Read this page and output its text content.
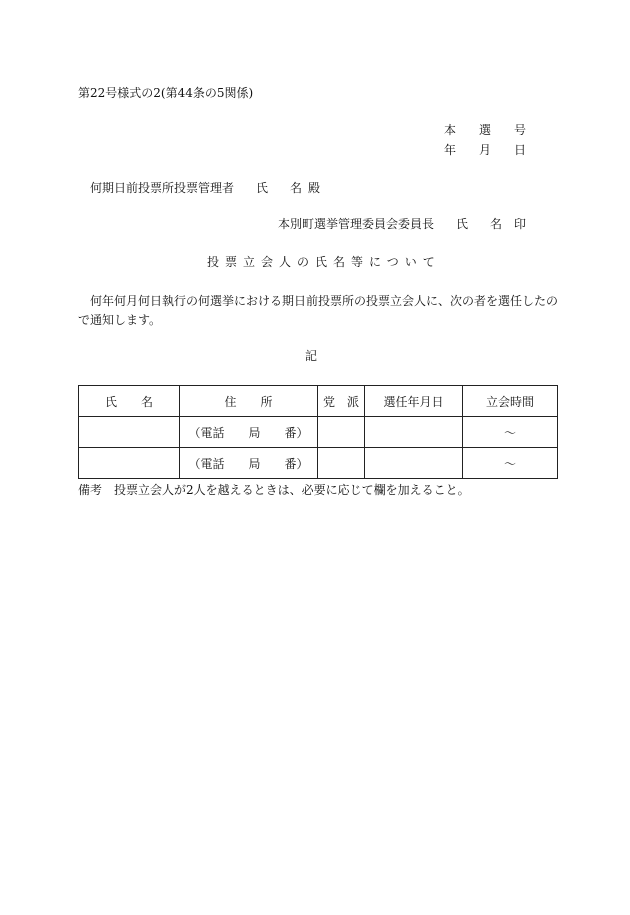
第22号様式の2(第44条の5関係)
本 選 号
年 月 日
何期日前投票所投票管理者 氏 名 殿
本別町選挙管理委員会委員長 氏 名 印
投票立会人の氏名等について
何年何月何日執行の何選挙における期日前投票所の投票立会人に、次の者を選任したので通知します。
記
氏　　名	住　　所	党　派	選任年月日	立会時間
	（電話　　局　　番）			～
	（電話　　局　　番）			～
備考　投票立会人が2人を越えるときは、必要に応じて欄を加えること。
